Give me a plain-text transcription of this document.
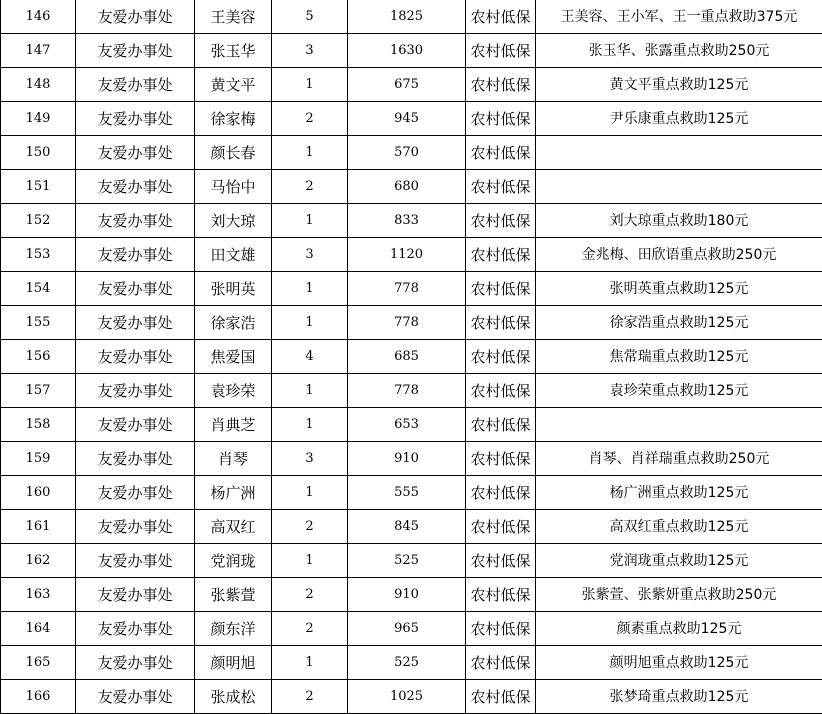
146	友爱办事处	王美容	5	1825	农村低保	王美容、王小军、王一重点救助375元
147	友爱办事处	张玉华	3	1630	农村低保	张玉华、张露重点救助250元
148	友爱办事处	黄文平	1	675	农村低保	黄文平重点救助125元
149	友爱办事处	徐家梅	2	945	农村低保	尹乐康重点救助125元
150	友爱办事处	颜长春	1	570	农村低保	
151	友爱办事处	马怡中	2	680	农村低保	
152	友爱办事处	刘大琼	1	833	农村低保	刘大琼重点救助180元
153	友爱办事处	田文雄	3	1120	农村低保	金兆梅、田欣语重点救助250元
154	友爱办事处	张明英	1	778	农村低保	张明英重点救助125元
155	友爱办事处	徐家浩	1	778	农村低保	徐家浩重点救助125元
156	友爱办事处	焦爱国	4	685	农村低保	焦常瑞重点救助125元
157	友爱办事处	袁珍荣	1	778	农村低保	袁珍荣重点救助125元
158	友爱办事处	肖典芝	1	653	农村低保	
159	友爱办事处	肖琴	3	910	农村低保	肖琴、肖祥瑞重点救助250元
160	友爱办事处	杨广洲	1	555	农村低保	杨广洲重点救助125元
161	友爱办事处	高双红	2	845	农村低保	高双红重点救助125元
162	友爱办事处	党润珑	1	525	农村低保	党润珑重点救助125元
163	友爱办事处	张紫萱	2	910	农村低保	张紫萱、张紫妍重点救助250元
164	友爱办事处	颜东洋	2	965	农村低保	颜素重点救助125元
165	友爱办事处	颜明旭	1	525	农村低保	颜明旭重点救助125元
166	友爱办事处	张成松	2	1025	农村低保	张梦琦重点救助125元
